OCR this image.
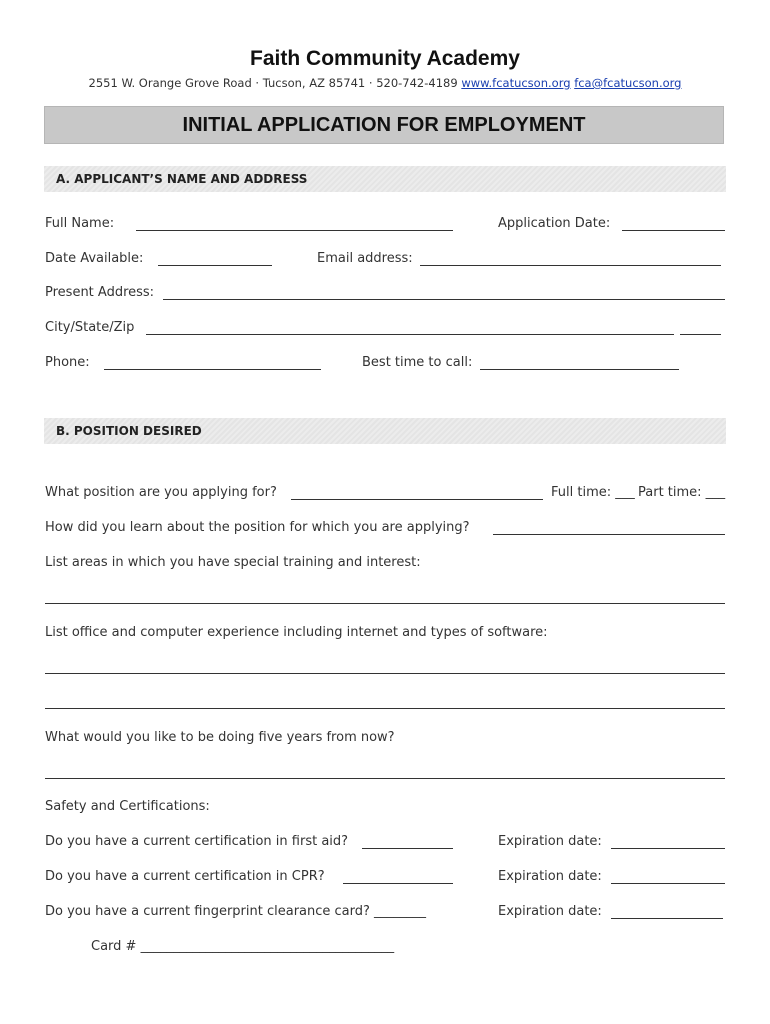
Faith Community Academy
2551 W. Orange Grove Road · Tucson, AZ 85741 · 520-742-4189 www.fcatucson.org fca@fcatucson.org
INITIAL APPLICATION FOR EMPLOYMENT
A. APPLICANT’S NAME AND ADDRESS
Full Name:	Application Date:
Date Available:	Email address:
Present Address:
City/State/Zip
Phone:	Best time to call:
B. POSITION DESIRED
What position are you applying for?	Full time: ___ Part time: ___
How did you learn about the position for which you are applying?
List areas in which you have special training and interest:
List office and computer experience including internet and types of software:
What would you like to be doing five years from now?
Safety and Certifications:
Do you have a current certification in first aid?	Expiration date:
Do you have a current certification in CPR?	Expiration date:
Do you have a current fingerprint clearance card? ________	Expiration date:
Card # _______________________________________
